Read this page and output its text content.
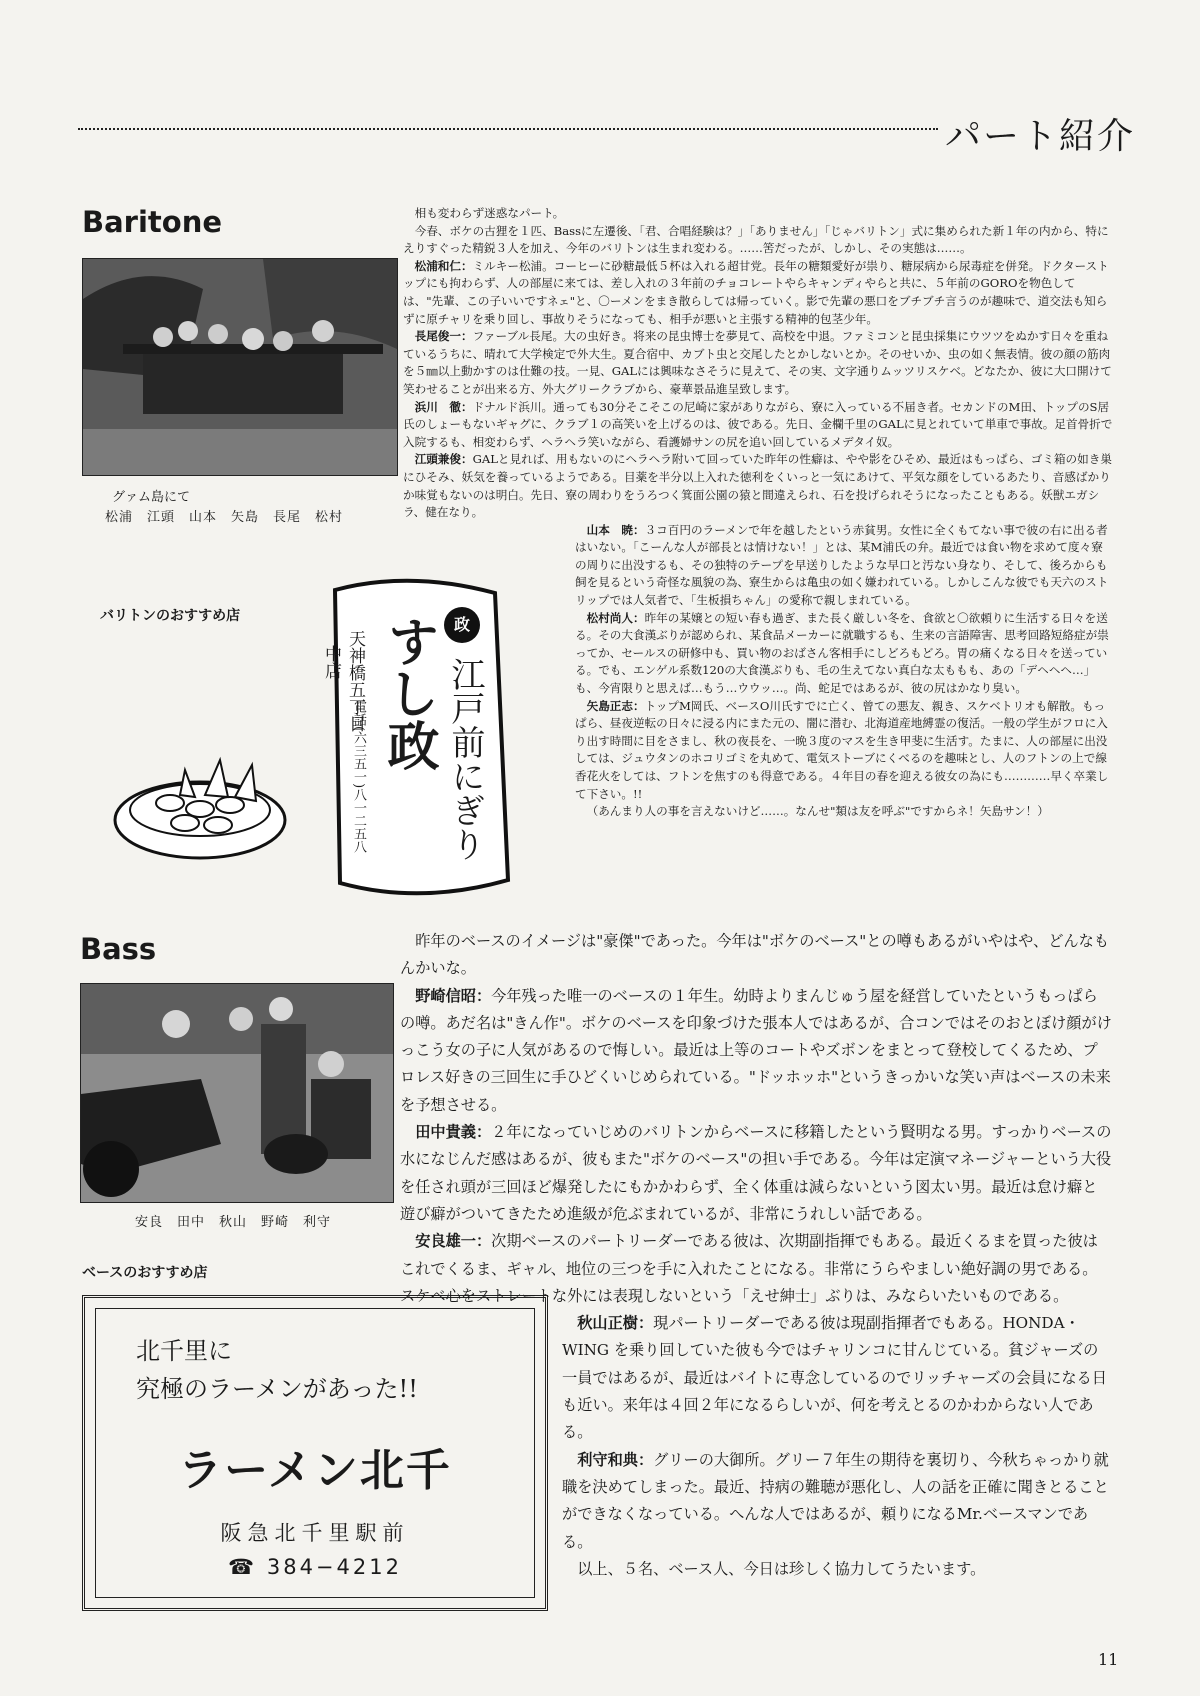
パート紹介
Baritone
グァム島にて
松浦　江頭　山本　矢島　長尾　松村
バリトンのおすすめ店	政
すし政 江戸前にぎり
天神橋五丁目
中店
電話(六三五一)八一二五八

相も変わらず迷惑なパート。

今春、ボケの古狸を１匹、Bassに左遷後、「君、合唱経験は？」「ありません」「じゃバリトン」式に集められた新１年の内から、特にえりすぐった精鋭３人を加え、今年のバリトンは生まれ変わる。……筈だったが、しかし、その実態は……。

松浦和仁：ミルキー松浦。コーヒーに砂糖最低５杯は入れる超甘党。長年の糖類愛好が祟り、糖尿病から尿毒症を併発。ドクターストップにも拘わらず、人の部屋に来ては、差し入れの３年前のチョコレートやらキャンディやらと共に、５年前のGOROを物色しては、"先輩、この子いいですネェ"と、〇ーメンをまき散らしては帰っていく。影で先輩の悪口をブチブチ言うのが趣味で、道交法も知らずに原チャリを乗り回し、事故りそうになっても、相手が悪いと主張する精神的包茎少年。

長尾俊一：ファーブル長尾。大の虫好き。将来の昆虫博士を夢見て、高校を中退。ファミコンと昆虫採集にウツツをぬかす日々を重ねているうちに、晴れて大学検定で外大生。夏合宿中、カブト虫と交尾したとかしないとか。そのせいか、虫の如く無表情。彼の顔の筋肉を５㎜以上動かすのは仕難の技。一見、GALには興味なさそうに見えて、その実、文字通りムッツリスケベ。どなたか、彼に大口開けて笑わせることが出来る方、外大グリークラブから、豪華景品進呈致します。

浜川　徹：ドナルド浜川。通っても30分そこそこの尼崎に家がありながら、寮に入っている不届き者。セカンドのM田、トップのS居氏のしょーもないギャグに、クラブ１の高笑いを上げるのは、彼である。先日、金欄千里のGALに見とれていて単車で事故。足首骨折で入院するも、相変わらず、ヘラヘラ笑いながら、看護婦サンの尻を追い回しているメデタイ奴。

江頭兼俊：GALと見れば、用もないのにヘラヘラ附いて回っていた昨年の性癖は、やや影をひそめ、最近はもっぱら、ゴミ箱の如き巣にひそみ、妖気を養っているようである。目薬を半分以上入れた徳利をくいっと一気にあけて、平気な顔をしているあたり、音感ばかりか味覚もないのは明白。先日、寮の周わりをうろつく箕面公園の猿と間違えられ、石を投げられそうになったこともある。妖獣エガシラ、健在なり。

山本　暁：３コ百円のラーメンで年を越したという赤貧男。女性に全くもてない事で彼の右に出る者はいない。「こーんな人が部長とは情けない！」とは、某M浦氏の弁。最近では食い物を求めて度々寮の周りに出没するも、その独特のテープを早送りしたような早口と汚ない身なり、そして、後ろからも飼を見るという奇怪な風貌の為、寮生からは亀虫の如く嫌われている。しかしこんな彼でも天六のストリップでは人気者で、「生板損ちゃん」の愛称で親しまれている。

松村尚人：昨年の某嬢との短い春も過ぎ、また長く厳しい冬を、食欲と〇欲頼りに生活する日々を送る。その大食漢ぶりが認められ、某食品メーカーに就職するも、生来の言語障害、思考回路短絡症が祟ってか、セールスの研修中も、買い物のおばさん客相手にしどろもどろ。胃の痛くなる日々を送っている。でも、エンゲル系数120の大食漢ぶりも、毛の生えてない真白な太ももも、あの「デヘヘヘ…」も、今宵限りと思えば…もう…ウウッ…。尚、蛇足ではあるが、彼の尻はかなり臭い。

矢島正志：トップM岡氏、ベースO川氏すでに亡く、曾ての悪友、親き、スケベトリオも解散。もっぱら、昼夜逆転の日々に浸る内にまた元の、闇に潜む、北海道産地縛霊の復活。一般の学生がフロに入り出す時間に目をさまし、秋の夜長を、一晩３度のマスを生き甲斐に生活す。たまに、人の部屋に出没しては、ジュウタンのホコリゴミを丸めて、電気ストーブにくべるのを趣味とし、人のフトンの上で線香花火をしては、フトンを焦すのも得意である。４年目の春を迎える彼女の為にも…………早く卒業して下さい。!!

（あんまり人の事を言えないけど……。なんせ"類は友を呼ぶ"ですからネ！矢島サン！）

Bass
安良　田中　秋山　野崎　利守
ベースのおすすめ店
北千里に
究極のラーメンがあった!!
ラーメン北千
阪急北千里駅前
☎ 384−4212

昨年のベースのイメージは"豪傑"であった。今年は"ボケのベース"との噂もあるがいやはや、どんなもんかいな。

野崎信昭：今年残った唯一のベースの１年生。幼時よりまんじゅう屋を経営していたというもっぱらの噂。あだ名は"きん作"。ボケのベースを印象づけた張本人ではあるが、合コンではそのおとぼけ顔がけっこう女の子に人気があるので悔しい。最近は上等のコートやズボンをまとって登校してくるため、プロレス好きの三回生に手ひどくいじめられている。"ドッホッホ"というきっかいな笑い声はベースの未来を予想させる。

田中貴義：２年になっていじめのバリトンからベースに移籍したという賢明なる男。すっかりベースの水になじんだ感はあるが、彼もまた"ボケのベース"の担い手である。今年は定演マネージャーという大役を任され頭が三回ほど爆発したにもかかわらず、全く体重は減らないという図太い男。最近は怠け癖と遊び癖がついてきたため進級が危ぶまれているが、非常にうれしい話である。

安良雄一：次期ベースのパートリーダーである彼は、次期副指揮でもある。最近くるまを買った彼はこれでくるま、ギャル、地位の三つを手に入れたことになる。非常にうらやましい絶好調の男である。スケベ心をストレートな外には表現しないという「えせ紳士」ぶりは、みならいたいものである。

秋山正樹：現パートリーダーである彼は現副指揮者でもある。HONDA・WING を乗り回していた彼も今ではチャリンコに甘んじている。貧ジャーズの一員ではあるが、最近はバイトに専念しているのでリッチャーズの会員になる日も近い。来年は４回２年になるらしいが、何を考えとるのかわからない人である。

利守和典：グリーの大御所。グリー７年生の期待を裏切り、今秋ちゃっかり就職を決めてしまった。最近、持病の難聴が悪化し、人の話を正確に聞きとることができなくなっている。へんな人ではあるが、頼りになるMr.ベースマンである。

以上、５名、ベース人、今日は珍しく協力してうたいます。

11
